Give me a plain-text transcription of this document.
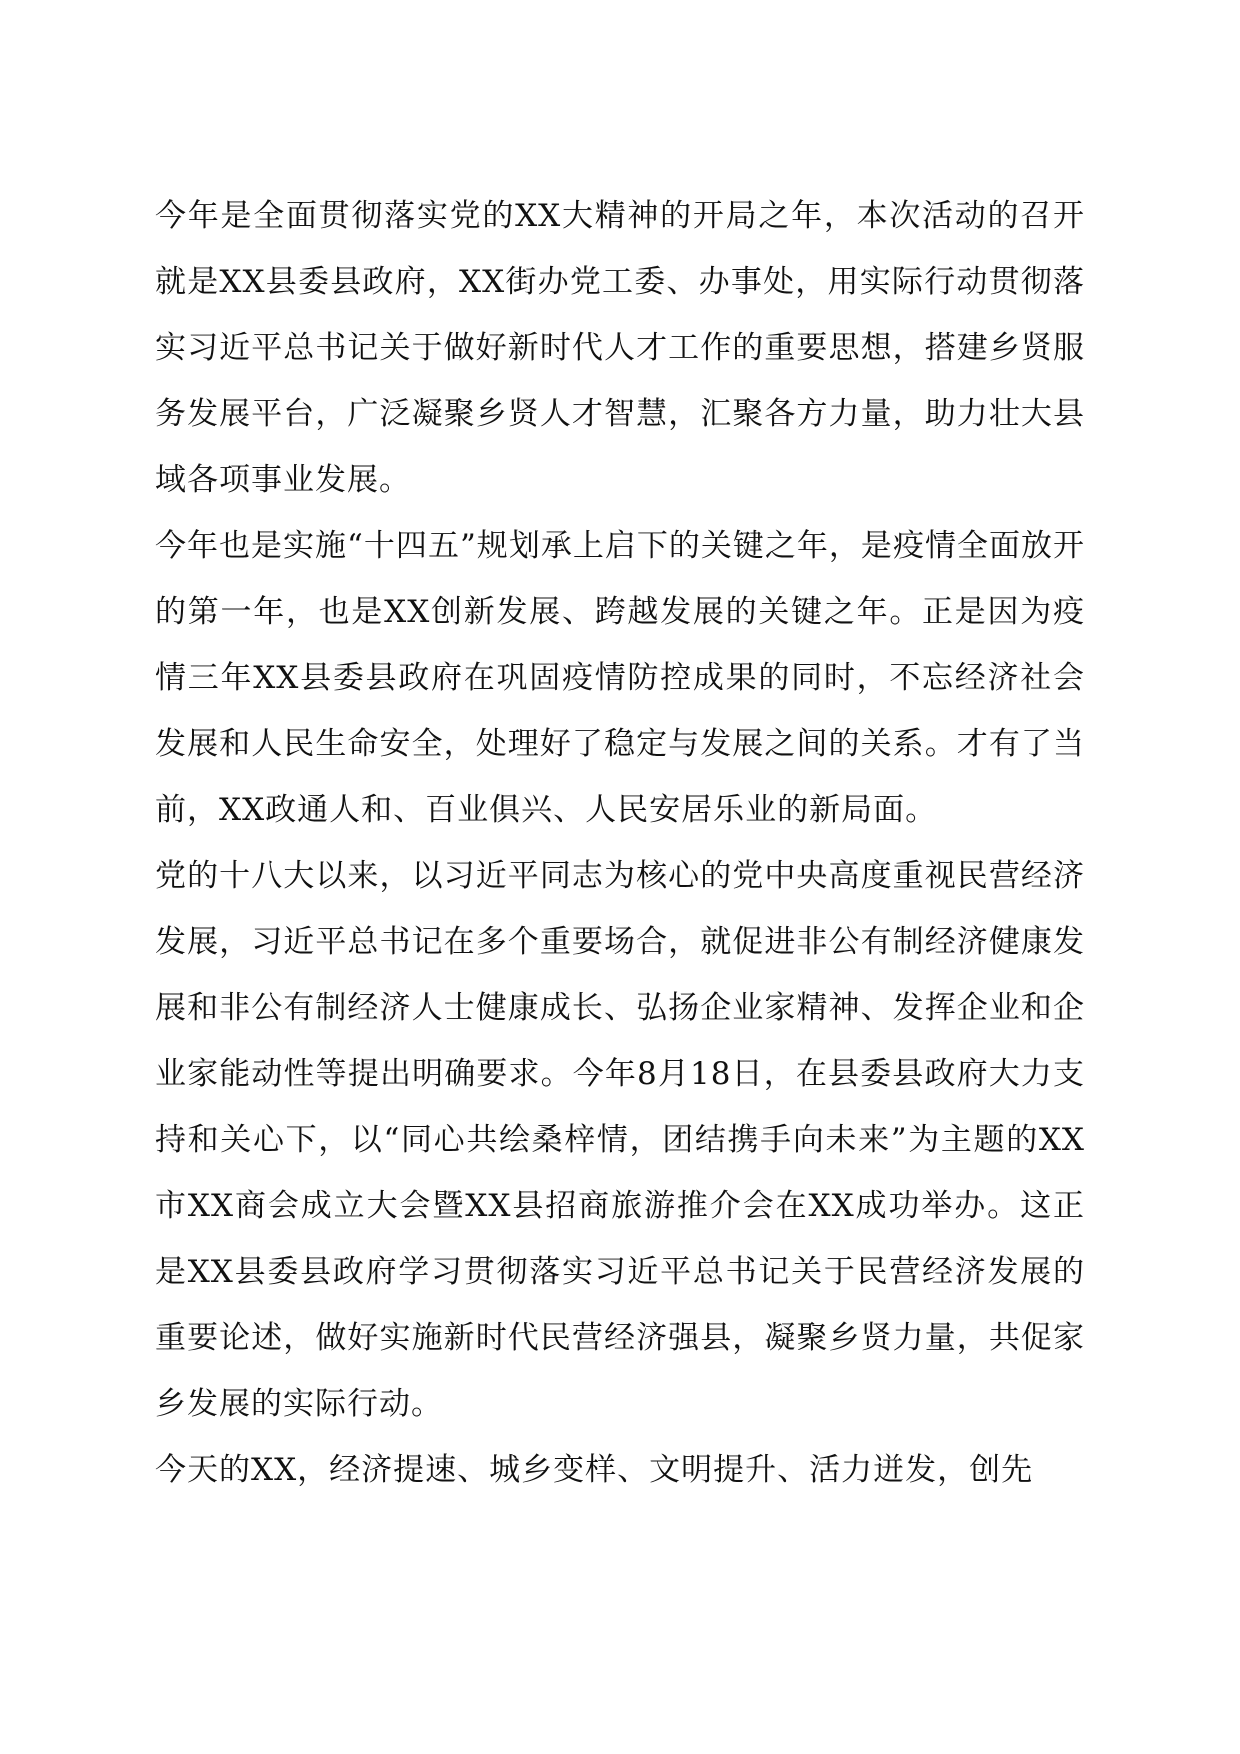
今年是全面贯彻落实党的XX大精神的开局之年，本次活动的召开就是XX县委县政府，XX街办党工委、办事处，用实际行动贯彻落实习近平总书记关于做好新时代人才工作的重要思想，搭建乡贤服务发展平台，广泛凝聚乡贤人才智慧，汇聚各方力量，助力壮大县域各项事业发展。

今年也是实施“十四五”规划承上启下的关键之年，是疫情全面放开的第一年，也是XX创新发展、跨越发展的关键之年。正是因为疫情三年XX县委县政府在巩固疫情防控成果的同时，不忘经济社会发展和人民生命安全，处理好了稳定与发展之间的关系。才有了当前，XX政通人和、百业俱兴、人民安居乐业的新局面。

党的十八大以来，以习近平同志为核心的党中央高度重视民营经济发展，习近平总书记在多个重要场合，就促进非公有制经济健康发展和非公有制经济人士健康成长、弘扬企业家精神、发挥企业和企业家能动性等提出明确要求。今年8月18日，在县委县政府大力支持和关心下，以“同心共绘桑梓情，团结携手向未来”为主题的XX市XX商会成立大会暨XX县招商旅游推介会在XX成功举办。这正是XX县委县政府学习贯彻落实习近平总书记关于民营经济发展的重要论述，做好实施新时代民营经济强县，凝聚乡贤力量，共促家乡发展的实际行动。

今天的XX，经济提速、城乡变样、文明提升、活力迸发，创先
